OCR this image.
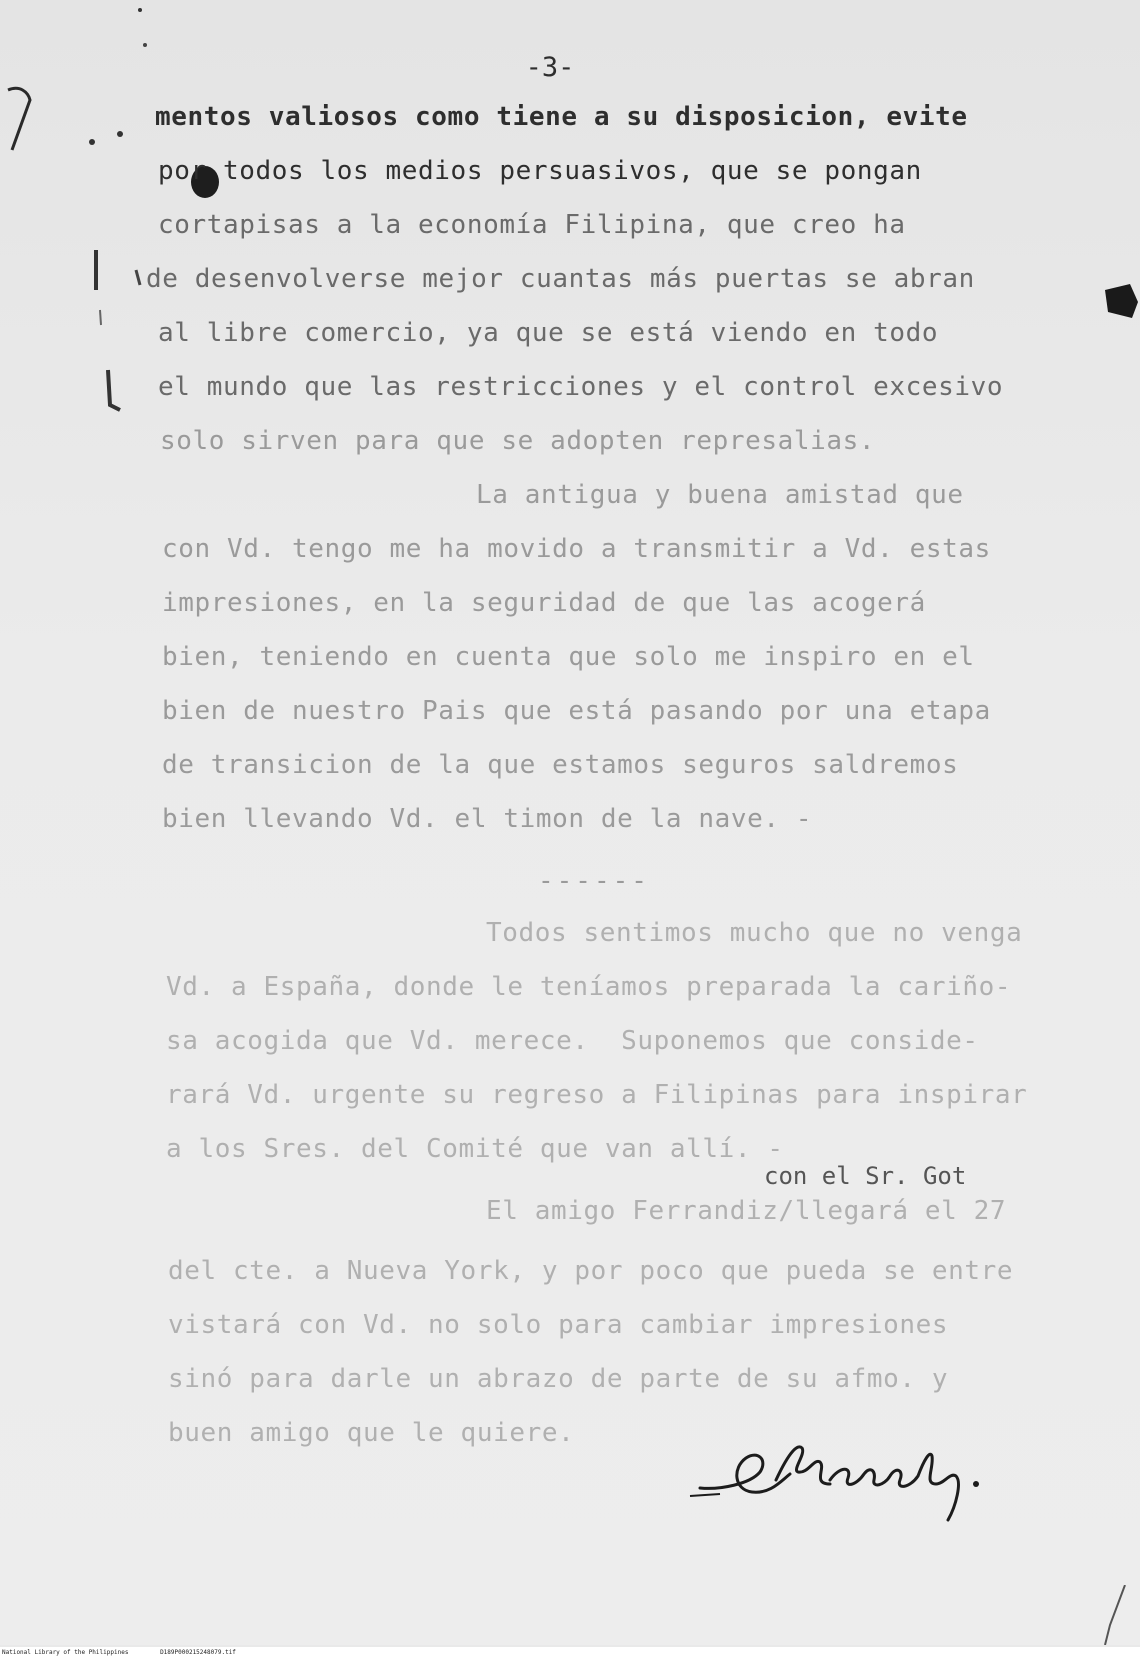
-3-
mentos valiosos como tiene a su disposicion, evite
por todos los medios persuasivos, que se pongan
cortapisas a la economía Filipina, que creo ha
de desenvolverse mejor cuantas más puertas se abran
al libre comercio, ya que se está viendo en todo
el mundo que las restricciones y el control excesivo
solo sirven para que se adopten represalias.
La antigua y buena amistad que
con Vd. tengo me ha movido a transmitir a Vd. estas
impresiones, en la seguridad de que las acogerá
bien, teniendo en cuenta que solo me inspiro en el
bien de nuestro Pais que está pasando por una etapa
de transicion de la que estamos seguros saldremos
bien llevando Vd. el timon de la nave. -
------
Todos sentimos mucho que no venga
Vd. a España, donde le teníamos preparada la cariño-
sa acogida que Vd. merece.  Suponemos que conside-
rará Vd. urgente su regreso a Filipinas para inspirar
a los Sres. del Comité que van allí. -
con el Sr. Got
El amigo Ferrandiz/llegará el 27
del cte. a Nueva York, y por poco que pueda se entre
vistará con Vd. no solo para cambiar impresiones
sinó para darle un abrazo de parte de su afmo. y
buen amigo que le quiere.
National Library of the Philippines	D189P000215248079.tif
